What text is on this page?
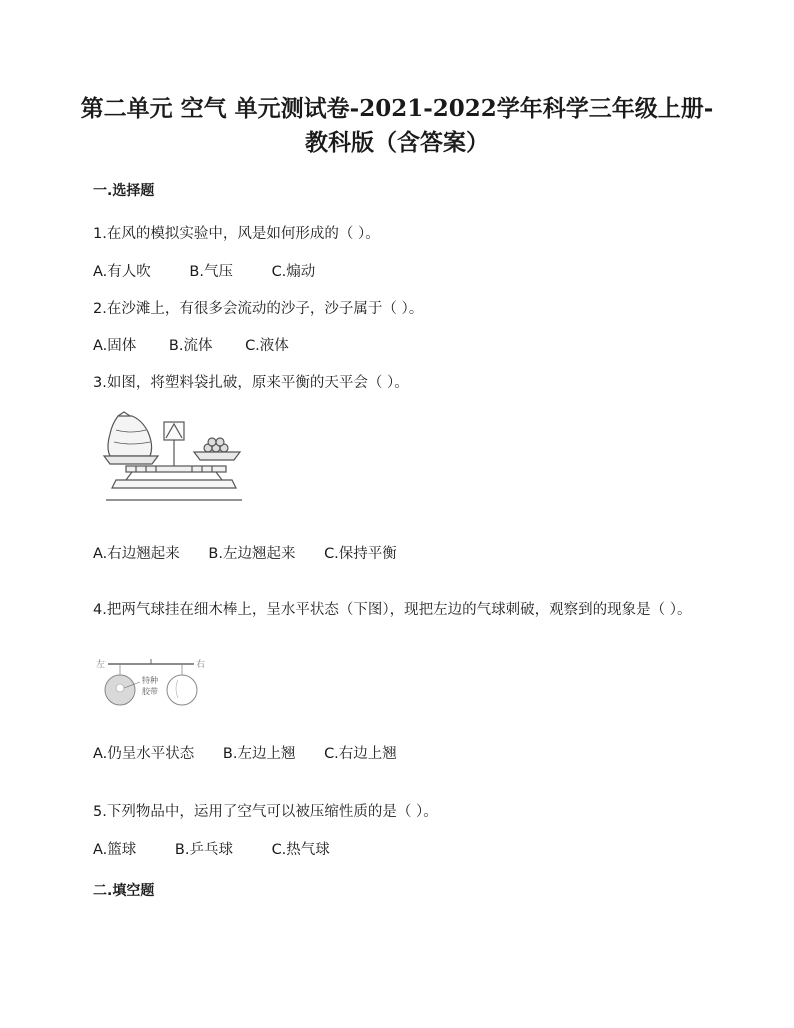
第二单元 空气 单元测试卷-2021-2022学年科学三年级上册-
教科版（含答案）
一.选择题
1.在风的模拟实验中，风是如何形成的（ ）。
A.有人吹	B.气压	C.煽动
2.在沙滩上，有很多会流动的沙子，沙子属于（ ）。
A.固体 B.流体 C.液体
3.如图，将塑料袋扎破，原来平衡的天平会（ ）。
A.右边翘起来 B.左边翘起来 C.保持平衡
4.把两气球挂在细木棒上，呈水平状态（下图），现把左边的气球刺破，观察到的现象是（ ）。
左	右
特种
胶带
A.仍呈水平状态 B.左边上翘 C.右边上翘
5.下列物品中，运用了空气可以被压缩性质的是（ ）。
A.篮球	B.乒乓球	C.热气球
二.填空题
